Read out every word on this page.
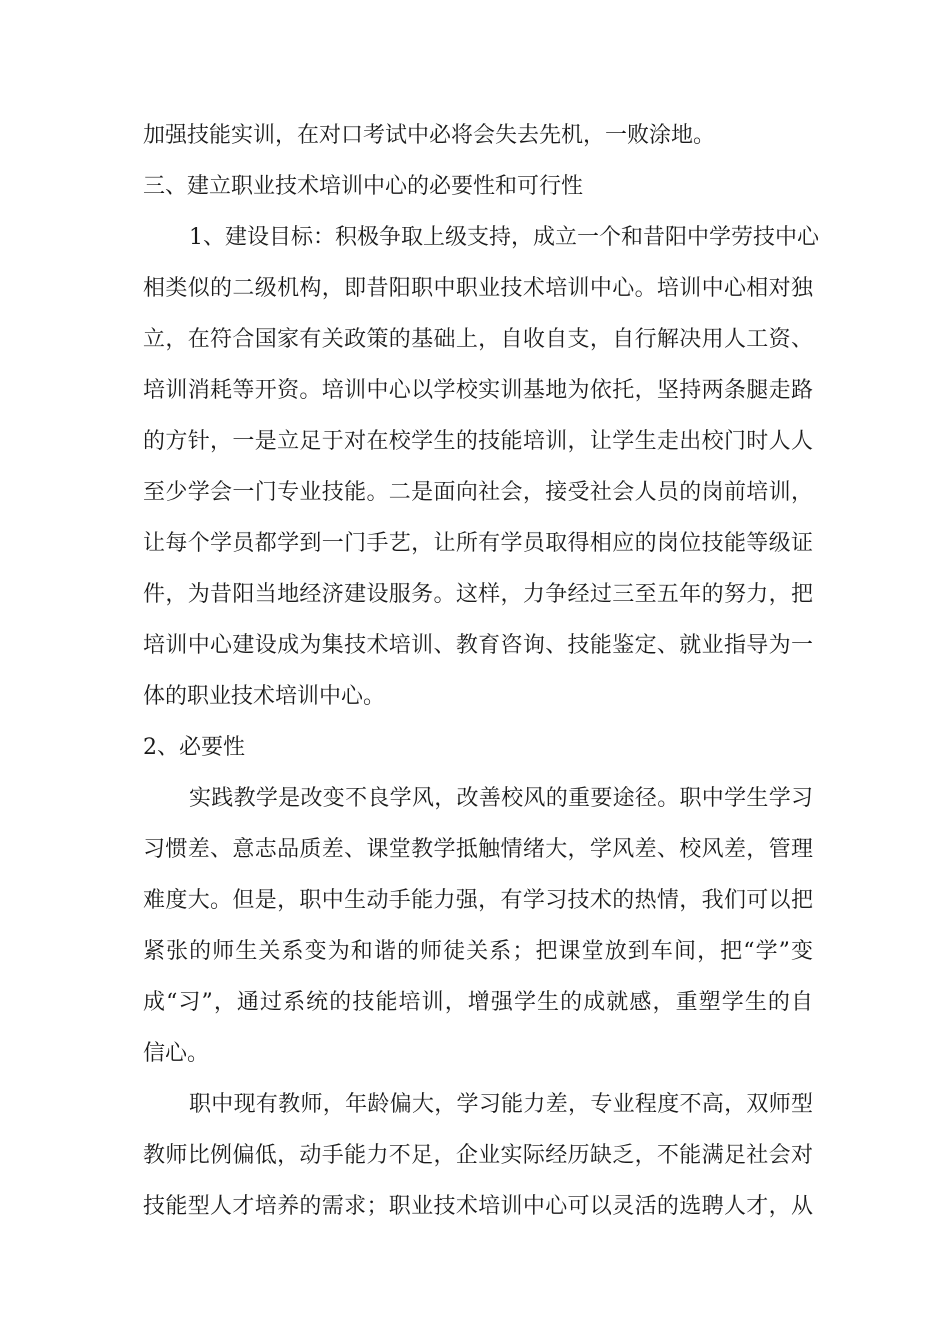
加强技能实训，在对口考试中必将会失去先机，一败涂地。
三、建立职业技术培训中心的必要性和可行性
1、建设目标：积极争取上级支持，成立一个和昔阳中学劳技中心
相类似的二级机构，即昔阳职中职业技术培训中心。培训中心相对独
立，在符合国家有关政策的基础上，自收自支，自行解决用人工资、
培训消耗等开资。培训中心以学校实训基地为依托，坚持两条腿走路
的方针，一是立足于对在校学生的技能培训，让学生走出校门时人人
至少学会一门专业技能。二是面向社会，接受社会人员的岗前培训，
让每个学员都学到一门手艺，让所有学员取得相应的岗位技能等级证
件，为昔阳当地经济建设服务。这样，力争经过三至五年的努力，把
培训中心建设成为集技术培训、教育咨询、技能鉴定、就业指导为一
体的职业技术培训中心。
2、必要性
实践教学是改变不良学风，改善校风的重要途径。职中学生学习
习惯差、意志品质差、课堂教学抵触情绪大，学风差、校风差，管理
难度大。但是，职中生动手能力强，有学习技术的热情，我们可以把
紧张的师生关系变为和谐的师徒关系；把课堂放到车间，把“学”变
成“习”，通过系统的技能培训，增强学生的成就感，重塑学生的自
信心。
职中现有教师，年龄偏大，学习能力差，专业程度不高，双师型
教师比例偏低，动手能力不足，企业实际经历缺乏，不能满足社会对
技能型人才培养的需求；职业技术培训中心可以灵活的选聘人才，从
